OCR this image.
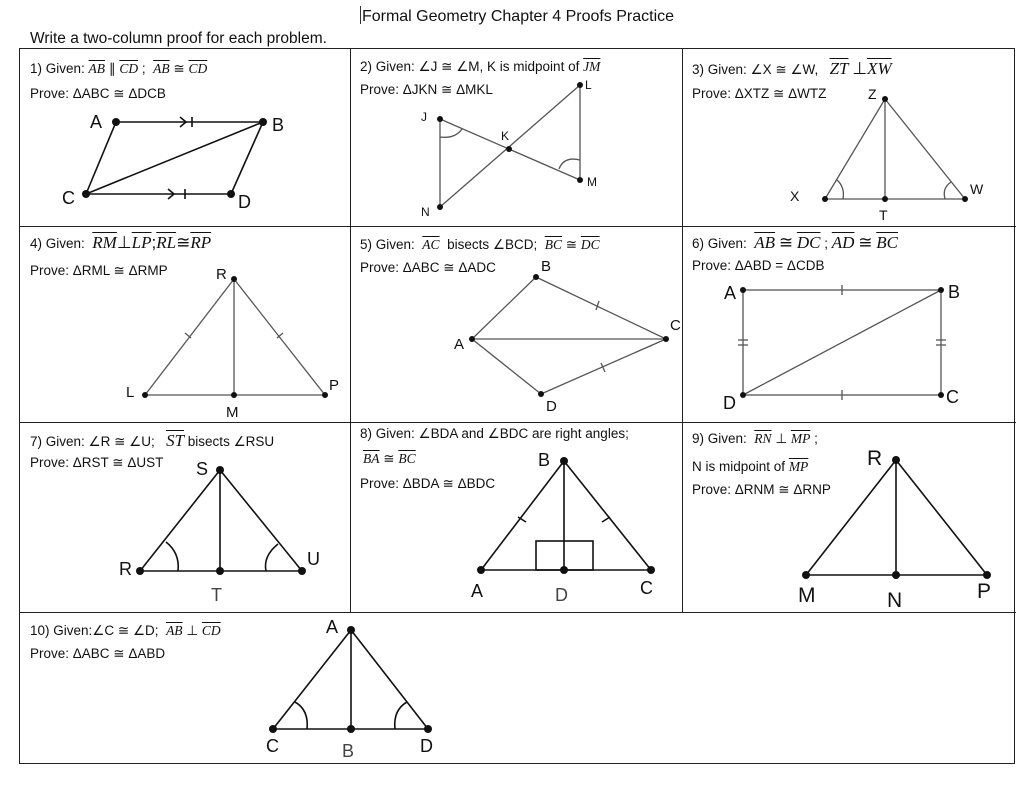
Formal Geometry Chapter 4 Proofs Practice
Write a two-column proof for each problem.
1) Given: $\overline{AB}$ ∥ $\overline{CD}$ ; $\overline{AB}$ ≅ $\overline{CD}$
Prove: ΔABC ≅ ΔDCB
A	B
C	D
2) Given: ∠J ≅ ∠M, K is midpoint of $\overline{JM}$
Prove: ΔJKN ≅ ΔMKL
J
K
L
M
N
3) Given: ∠X ≅ ∠W, $\overline{ZT}$ $\perp\overline{XW}$
Prove: ΔXTZ ≅ ΔWTZ	Z
X	W
T
4) Given: $\overline{RM}\perp\overline{LP};\overline{RL}≅\overline{RP}$
Prove: ΔRML ≅ ΔRMP	R
L	P
M
5) Given: $\overline{AC}$ bisects ∠BCD; $\overline{BC}$ ≅ $\overline{DC}$
Prove: ΔABC ≅ ΔADC	B
C
A
D
6) Given: $\overline{AB}$ ≅ $\overline{DC}$ ; $\overline{AD}$ ≅ $\overline{BC}$
Prove: ΔABD = ΔCDB
A	B
D	C
7) Given: ∠R ≅ ∠U; $\overline{ST}$ bisects ∠RSU
Prove: ΔRST ≅ ΔUST S
R	U
T
8) Given: ∠BDA and ∠BDC are right angles;
$\overline{BA}$ ≅ $\overline{BC}$
Prove: ΔBDA ≅ ΔBDC
B
A	D	C
9) Given: $\overline{RN}$ ⊥ $\overline{MP}$ ;
N is midpoint of $\overline{MP}$
Prove: ΔRNM ≅ ΔRNP
R
M	N	P
10) Given:∠C ≅ ∠D; $\overline{AB}$ ⊥ $\overline{CD}$
Prove: ΔABC ≅ ΔABD
A
C	B	D
